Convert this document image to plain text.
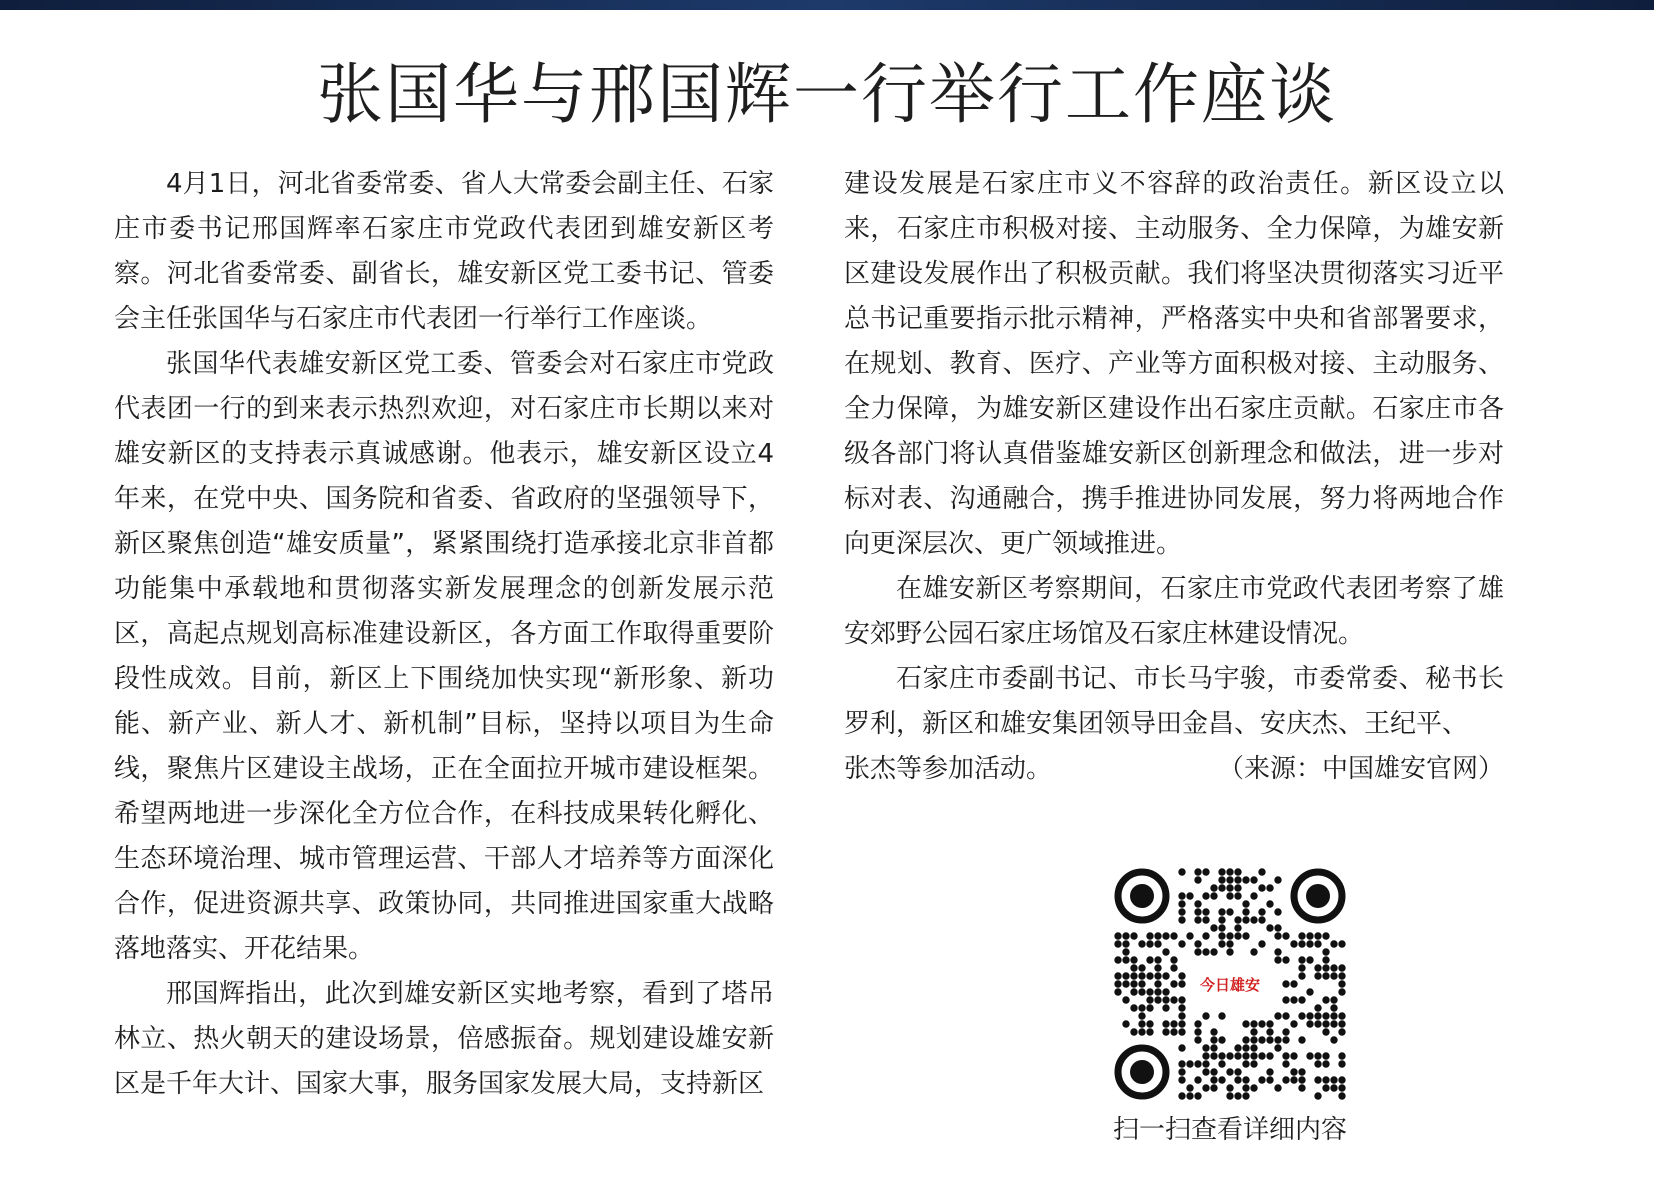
张国华与邢国辉一行举行工作座谈

4月1日，河北省委常委、省人大常委会副主任、石家庄市委书记邢国辉率石家庄市党政代表团到雄安新区考察。河北省委常委、副省长，雄安新区党工委书记、管委会主任张国华与石家庄市代表团一行举行工作座谈。

张国华代表雄安新区党工委、管委会对石家庄市党政代表团一行的到来表示热烈欢迎，对石家庄市长期以来对雄安新区的支持表示真诚感谢。他表示，雄安新区设立4年来，在党中央、国务院和省委、省政府的坚强领导下，新区聚焦创造“雄安质量”，紧紧围绕打造承接北京非首都功能集中承载地和贯彻落实新发展理念的创新发展示范区，高起点规划高标准建设新区，各方面工作取得重要阶段性成效。目前，新区上下围绕加快实现“新形象、新功能、新产业、新人才、新机制”目标，坚持以项目为生命线，聚焦片区建设主战场，正在全面拉开城市建设框架。希望两地进一步深化全方位合作，在科技成果转化孵化、生态环境治理、城市管理运营、干部人才培养等方面深化合作，促进资源共享、政策协同，共同推进国家重大战略落地落实、开花结果。

邢国辉指出，此次到雄安新区实地考察，看到了塔吊林立、热火朝天的建设场景，倍感振奋。规划建设雄安新区是千年大计、国家大事，服务国家发展大局，支持新区

建设发展是石家庄市义不容辞的政治责任。新区设立以来，石家庄市积极对接、主动服务、全力保障，为雄安新区建设发展作出了积极贡献。我们将坚决贯彻落实习近平总书记重要指示批示精神，严格落实中央和省部署要求，在规划、教育、医疗、产业等方面积极对接、主动服务、全力保障，为雄安新区建设作出石家庄贡献。石家庄市各级各部门将认真借鉴雄安新区创新理念和做法，进一步对标对表、沟通融合，携手推进协同发展，努力将两地合作向更深层次、更广领域推进。

在雄安新区考察期间，石家庄市党政代表团考察了雄安郊野公园石家庄场馆及石家庄林建设情况。

石家庄市委副书记、市长马宇骏，市委常委、秘书长罗利，新区和雄安集团领导田金昌、安庆杰、王纪平、

张杰等参加活动。	（来源：中国雄安官网）
今日雄安
扫一扫查看详细内容
